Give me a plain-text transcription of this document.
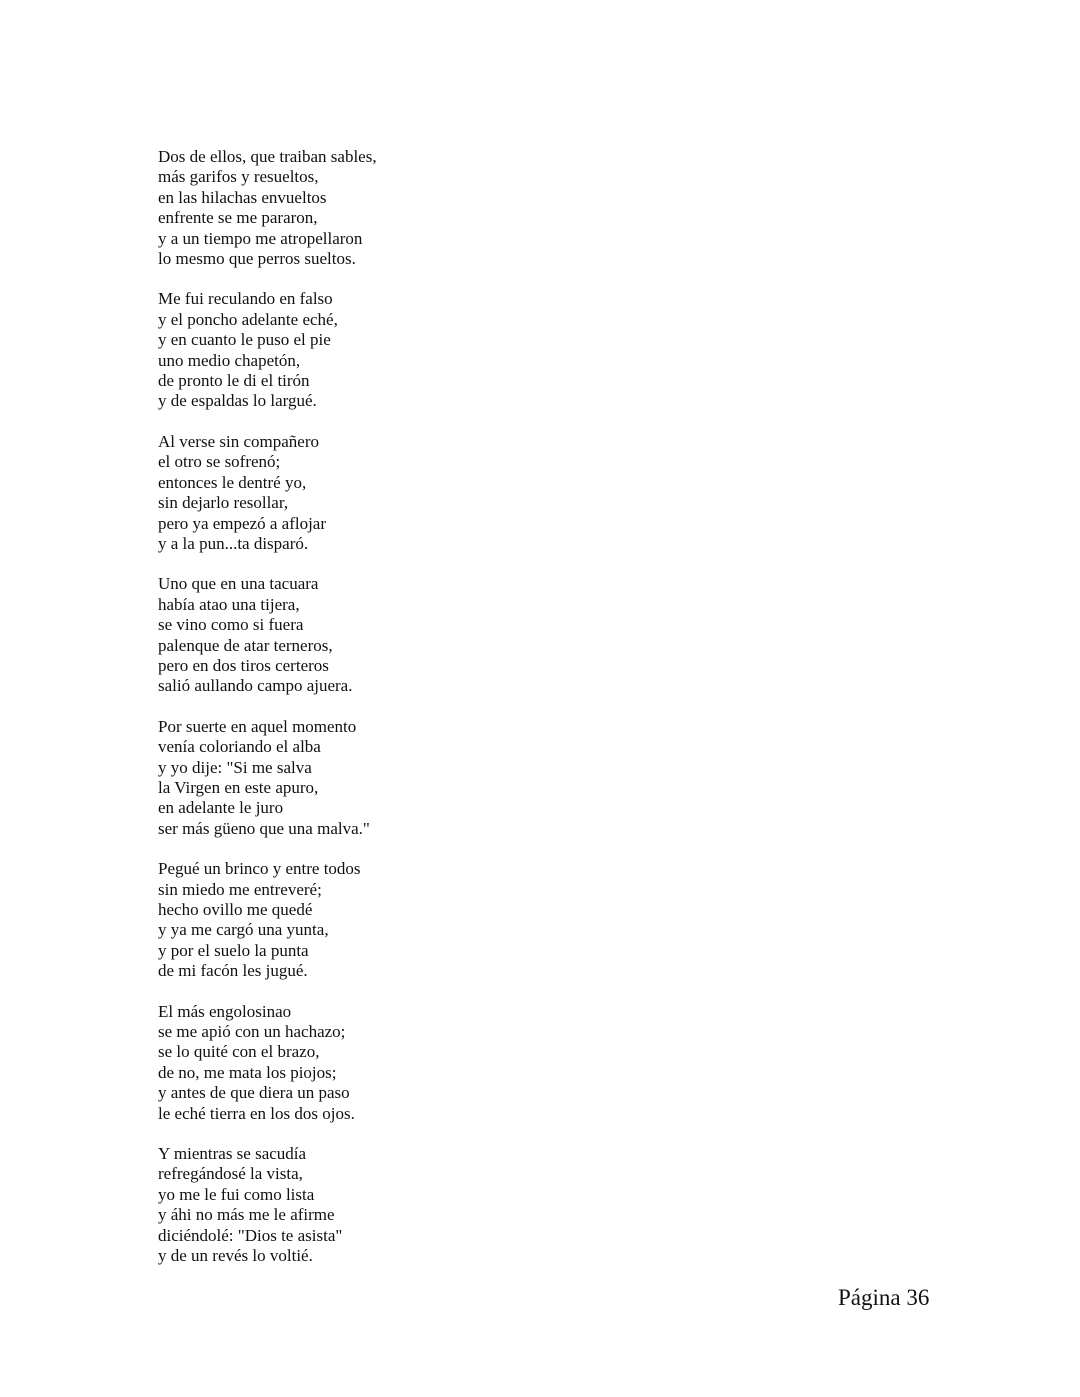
Dos de ellos, que traiban sables,
más garifos y resueltos,
en las hilachas envueltos
enfrente se me pararon,
y a un tiempo me atropellaron
lo mesmo que perros sueltos.
Me fui reculando en falso
y el poncho adelante eché,
y en cuanto le puso el pie
uno medio chapetón,
de pronto le di el tirón
y de espaldas lo largué.
Al verse sin compañero
el otro se sofrenó;
entonces le dentré yo,
sin dejarlo resollar,
pero ya empezó a aflojar
y a la pun...ta disparó.
Uno que en una tacuara
había atao una tijera,
se vino como si fuera
palenque de atar terneros,
pero en dos tiros certeros
salió aullando campo ajuera.
Por suerte en aquel momento
venía coloriando el alba
y yo dije: "Si me salva
la Virgen en este apuro,
en adelante le juro
ser más güeno que una malva."
Pegué un brinco y entre todos
sin miedo me entreveré;
hecho ovillo me quedé
y ya me cargó una yunta,
y por el suelo la punta
de mi facón les jugué.
El más engolosinao
se me apió con un hachazo;
se lo quité con el brazo,
de no, me mata los piojos;
y antes de que diera un paso
le eché tierra en los dos ojos.
Y mientras se sacudía
refregándosé la vista,
yo me le fui como lista
y áhi no más me le afirme
diciéndolé: "Dios te asista"
y de un revés lo voltié.
Página 36
